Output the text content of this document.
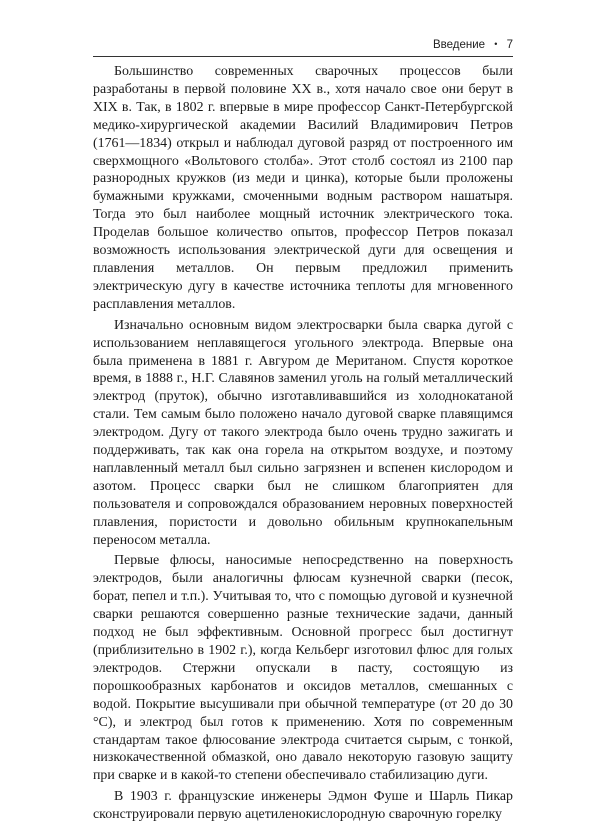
Введение • 7

Большинство современных сварочных процессов были разработаны в первой половине XX в., хотя начало свое они берут в XIX в. Так, в 1802 г. впервые в мире профессор Санкт-Петербургской медико-хирургической академии Василий Владимирович Петров (1761—1834) открыл и наблюдал дуговой разряд от построенного им сверхмощного «Вольтового столба». Этот столб состоял из 2100 пар разнородных кружков (из меди и цинка), которые были проложены бумажными кружками, смоченными водным раствором нашатыря. Тогда это был наиболее мощный источник электрического тока. Проделав большое количество опытов, профессор Петров показал возможность использования электрической дуги для освещения и плавления металлов. Он первым предложил применить электрическую дугу в качестве источника теплоты для мгновенного расплавления металлов.

Изначально основным видом электросварки была сварка дугой с использованием неплавящегося угольного электрода. Впервые она была применена в 1881 г. Авгуром де Меританом. Спустя короткое время, в 1888 г., Н.Г. Славянов заменил уголь на голый металлический электрод (пруток), обычно изготавливавшийся из холоднокатаной стали. Тем самым было положено начало дуговой сварке плавящимся электродом. Дугу от такого электрода было очень трудно зажигать и поддерживать, так как она горела на открытом воздухе, и поэтому наплавленный металл был сильно загрязнен и вспенен кислородом и азотом. Процесс сварки был не слишком благоприятен для пользователя и сопровождался образованием неровных поверхностей плавления, пористости и довольно обильным крупнокапельным переносом металла.

Первые флюсы, наносимые непосредственно на поверхность электродов, были аналогичны флюсам кузнечной сварки (песок, борат, пепел и т.п.). Учитывая то, что с помощью дуговой и кузнечной сварки решаются совершенно разные технические задачи, данный подход не был эффективным. Основной прогресс был достигнут (приблизительно в 1902 г.), когда Кельберг изготовил флюс для голых электродов. Стержни опускали в пасту, состоящую из порошкообразных карбонатов и оксидов металлов, смешанных с водой. Покрытие высушивали при обычной температуре (от 20 до 30 °С), и электрод был готов к применению. Хотя по современным стандартам такое флюсование электрода считается сырым, с тонкой, низкокачественной обмазкой, оно давало некоторую газовую защиту при сварке и в какой-то степени обеспечивало стабилизацию дуги.

В 1903 г. французские инженеры Эдмон Фуше и Шарль Пикар сконструировали первую ацетиленокислородную сварочную горелку
